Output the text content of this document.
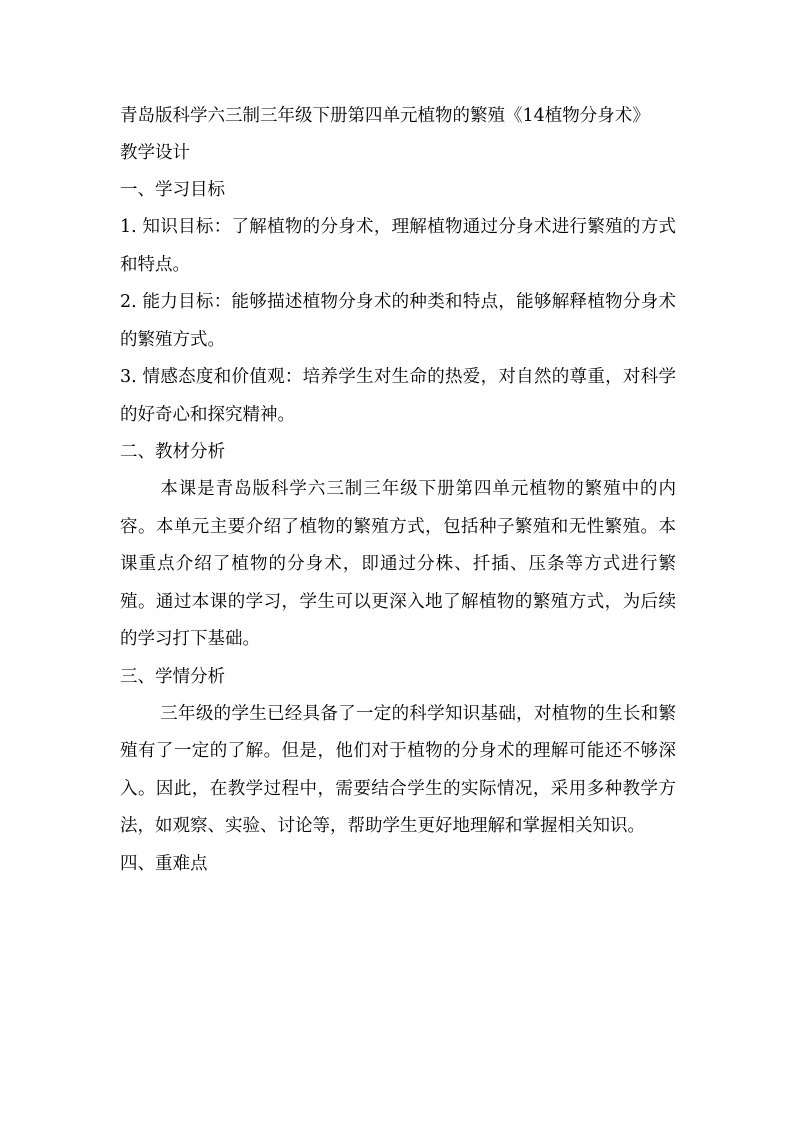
青岛版科学六三制三年级下册第四单元植物的繁殖《14植物分身术》

教学设计

一、学习目标

1. 知识目标：了解植物的分身术，理解植物通过分身术进行繁殖的方式和特点。

2. 能力目标：能够描述植物分身术的种类和特点，能够解释植物分身术的繁殖方式。

3. 情感态度和价值观：培养学生对生命的热爱，对自然的尊重，对科学的好奇心和探究精神。

二、教材分析

本课是青岛版科学六三制三年级下册第四单元植物的繁殖中的内容。本单元主要介绍了植物的繁殖方式，包括种子繁殖和无性繁殖。本课重点介绍了植物的分身术，即通过分株、扦插、压条等方式进行繁殖。通过本课的学习，学生可以更深入地了解植物的繁殖方式，为后续的学习打下基础。

三、学情分析

三年级的学生已经具备了一定的科学知识基础，对植物的生长和繁殖有了一定的了解。但是，他们对于植物的分身术的理解可能还不够深入。因此，在教学过程中，需要结合学生的实际情况，采用多种教学方法，如观察、实验、讨论等，帮助学生更好地理解和掌握相关知识。

四、重难点
